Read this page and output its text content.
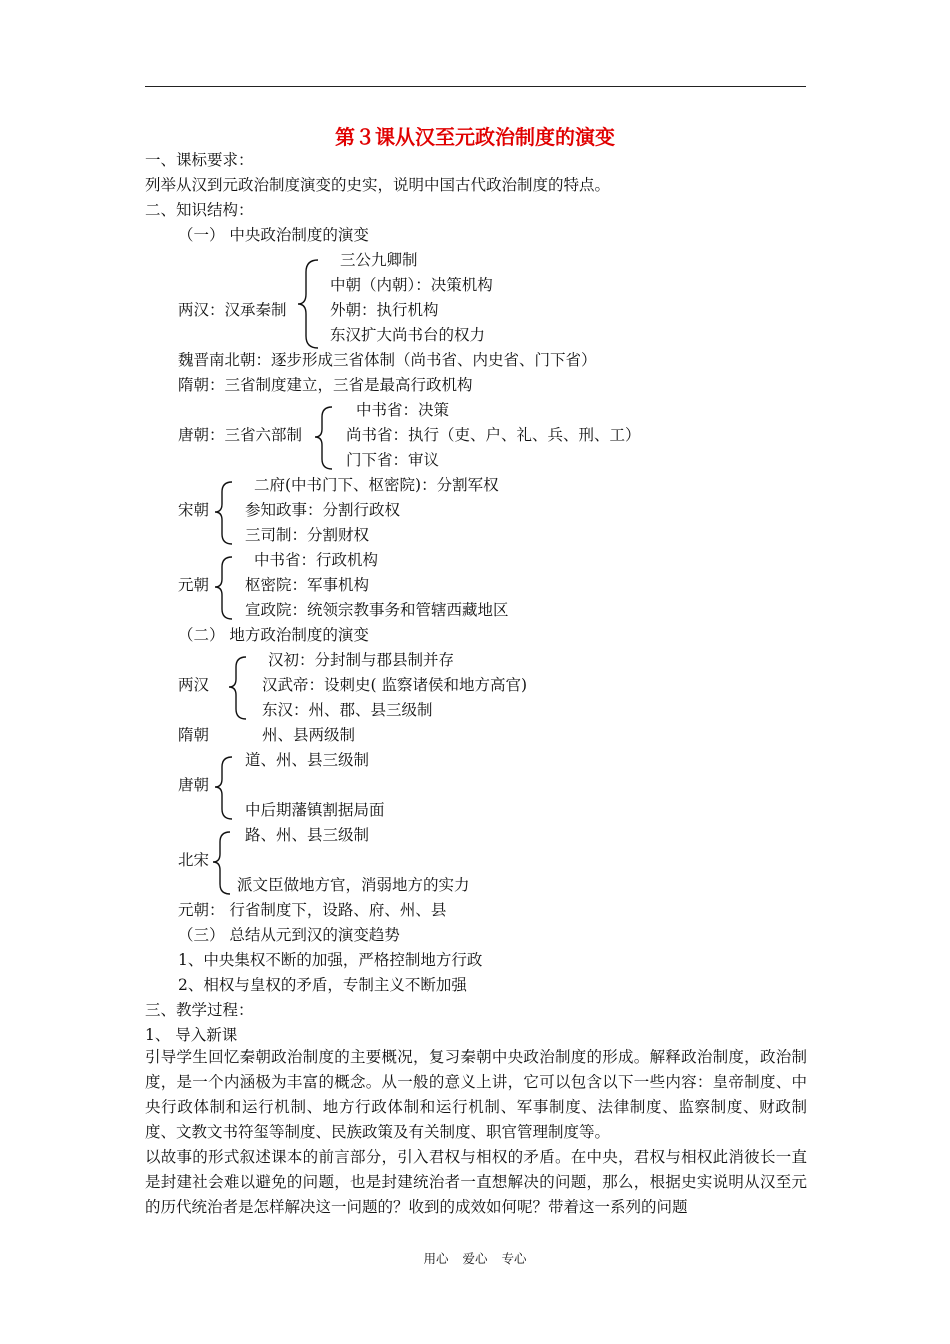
第３课从汉至元政治制度的演变
一、课标要求：
列举从汉到元政治制度演变的史实，说明中国古代政治制度的特点。
二、知识结构：
（一） 中央政治制度的演变
两汉：汉承秦制
三公九卿制
中朝（内朝）：决策机构
外朝：执行机构
东汉扩大尚书台的权力
魏晋南北朝：逐步形成三省体制（尚书省、内史省、门下省）
隋朝：三省制度建立，三省是最高行政机构
唐朝：三省六部制
中书省：决策
尚书省：执行（吏、户、礼、兵、刑、工）
门下省：审议
宋朝
二府(中书门下、枢密院)：分割军权
参知政事：分割行政权
三司制：分割财权
元朝
中书省：行政机构
枢密院：军事机构
宣政院：统领宗教事务和管辖西藏地区
（二） 地方政治制度的演变
两汉
汉初：分封制与郡县制并存
汉武帝：设刺史( 监察诸侯和地方高官)
东汉：州、郡、县三级制
隋朝	州、县两级制
唐朝
道、州、县三级制
中后期藩镇割据局面
北宋
路、州、县三级制
派文臣做地方官，消弱地方的实力
元朝： 行省制度下，设路、府、州、县
（三） 总结从元到汉的演变趋势
1、中央集权不断的加强，严格控制地方行政
2、相权与皇权的矛盾，专制主义不断加强
三、教学过程：
1、 导入新课
引导学生回忆秦朝政治制度的主要概况，复习秦朝中央政治制度的形成。解释政治制度，政治制度，是一个内涵极为丰富的概念。从一般的意义上讲，它可以包含以下一些内容：皇帝制度、中央行政体制和运行机制、地方行政体制和运行机制、军事制度、法律制度、监察制度、财政制度、文教文书符玺等制度、民族政策及有关制度、职官管理制度等。
以故事的形式叙述课本的前言部分，引入君权与相权的矛盾。在中央，君权与相权此消彼长一直是封建社会难以避免的问题，也是封建统治者一直想解决的问题，那么，根据史实说明从汉至元的历代统治者是怎样解决这一问题的？收到的成效如何呢？带着这一系列的问题
用心 爱心 专心
